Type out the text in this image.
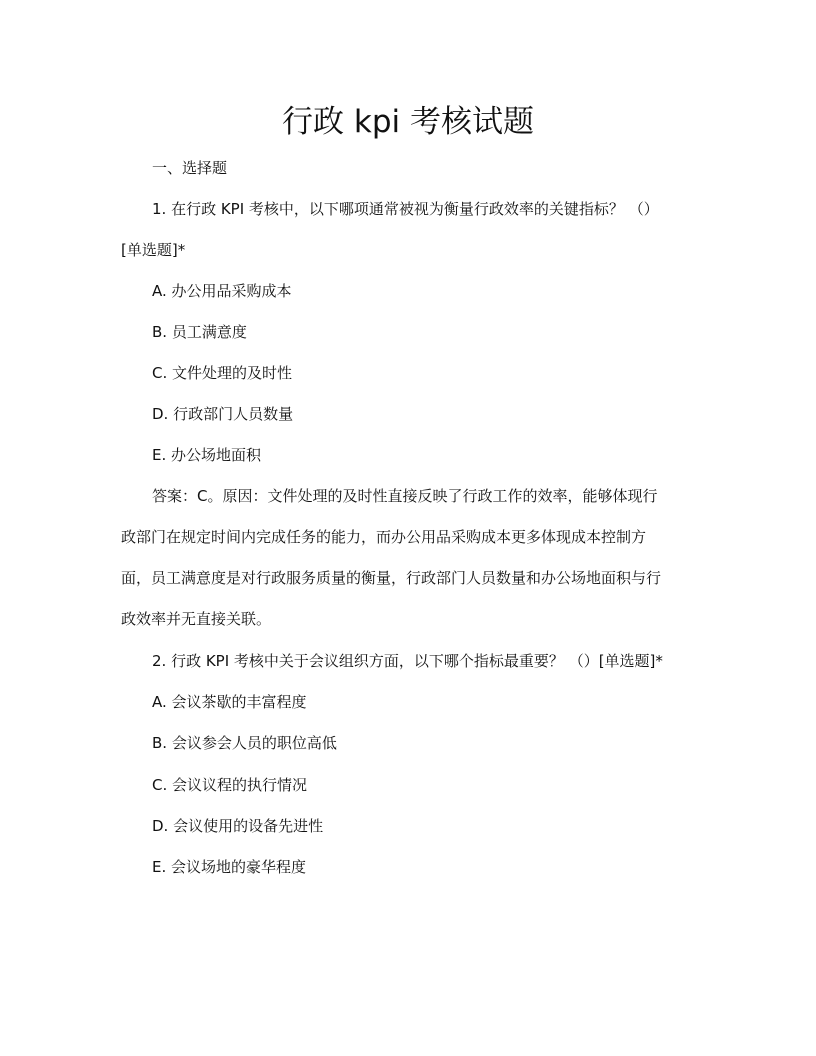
行政 kpi 考核试题
一、选择题
1. 在行政 KPI 考核中，以下哪项通常被视为衡量行政效率的关键指标？ （）
[单选题]*
A. 办公用品采购成本
B. 员工满意度
C. 文件处理的及时性
D. 行政部门人员数量
E. 办公场地面积
答案：C。原因：文件处理的及时性直接反映了行政工作的效率，能够体现行
政部门在规定时间内完成任务的能力，而办公用品采购成本更多体现成本控制方
面，员工满意度是对行政服务质量的衡量，行政部门人员数量和办公场地面积与行
政效率并无直接关联。
2. 行政 KPI 考核中关于会议组织方面，以下哪个指标最重要？ （）[单选题]*
A. 会议茶歇的丰富程度
B. 会议参会人员的职位高低
C. 会议议程的执行情况
D. 会议使用的设备先进性
E. 会议场地的豪华程度
